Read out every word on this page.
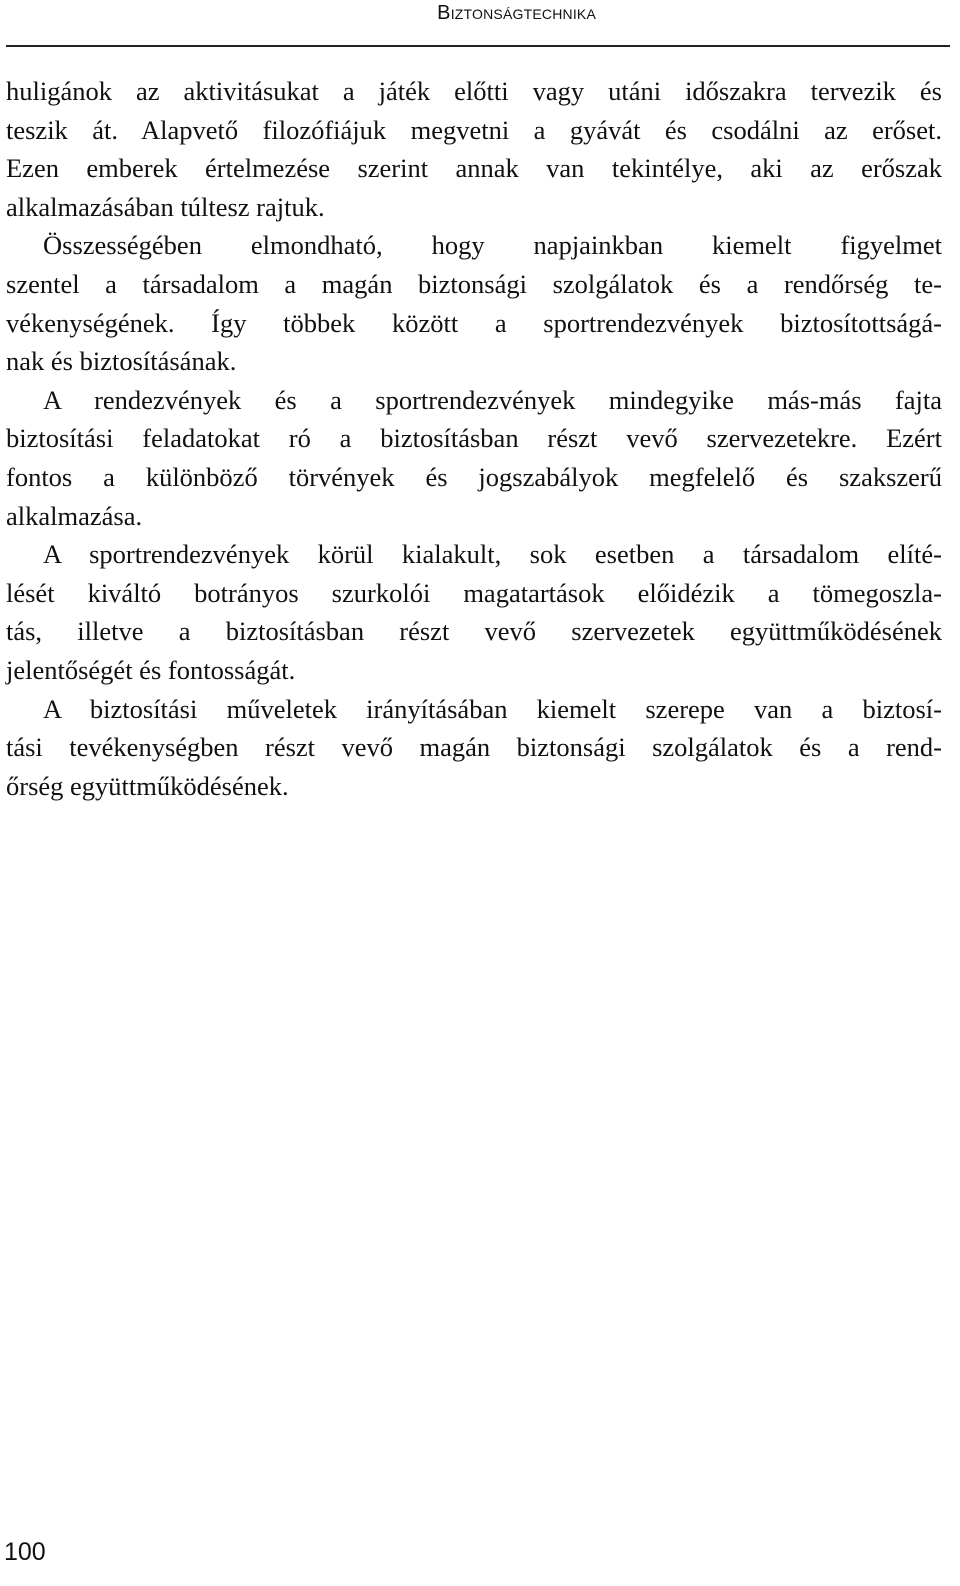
Biztonságtechnika

huligánok az aktivitásukat a játék előtti vagy utáni időszakra tervezik és
teszik át. Alapvető filozófiájuk megvetni a gyávát és csodálni az erőset.
Ezen emberek értelmezése szerint annak van tekintélye, aki az erőszak
alkalmazásában túltesz rajtuk.

Összességében elmondható, hogy napjainkban kiemelt figyelmet
szentel a társadalom a magán biztonsági szolgálatok és a rendőrség te-
vékenységének. Így többek között a sportrendezvények biztosítottságá-
nak és biztosításának.

A rendezvények és a sportrendezvények mindegyike más-más fajta
biztosítási feladatokat ró a biztosításban részt vevő szervezetekre. Ezért
fontos a különböző törvények és jogszabályok megfelelő és szakszerű
alkalmazása.

A sportrendezvények körül kialakult, sok esetben a társadalom elíté-
lését kiváltó botrányos szurkolói magatartások előidézik a tömegoszla-
tás, illetve a biztosításban részt vevő szervezetek együttműködésének
jelentőségét és fontosságát.

A biztosítási műveletek irányításában kiemelt szerepe van a biztosí-
tási tevékenységben részt vevő magán biztonsági szolgálatok és a rend-
őrség együttműködésének.

100
